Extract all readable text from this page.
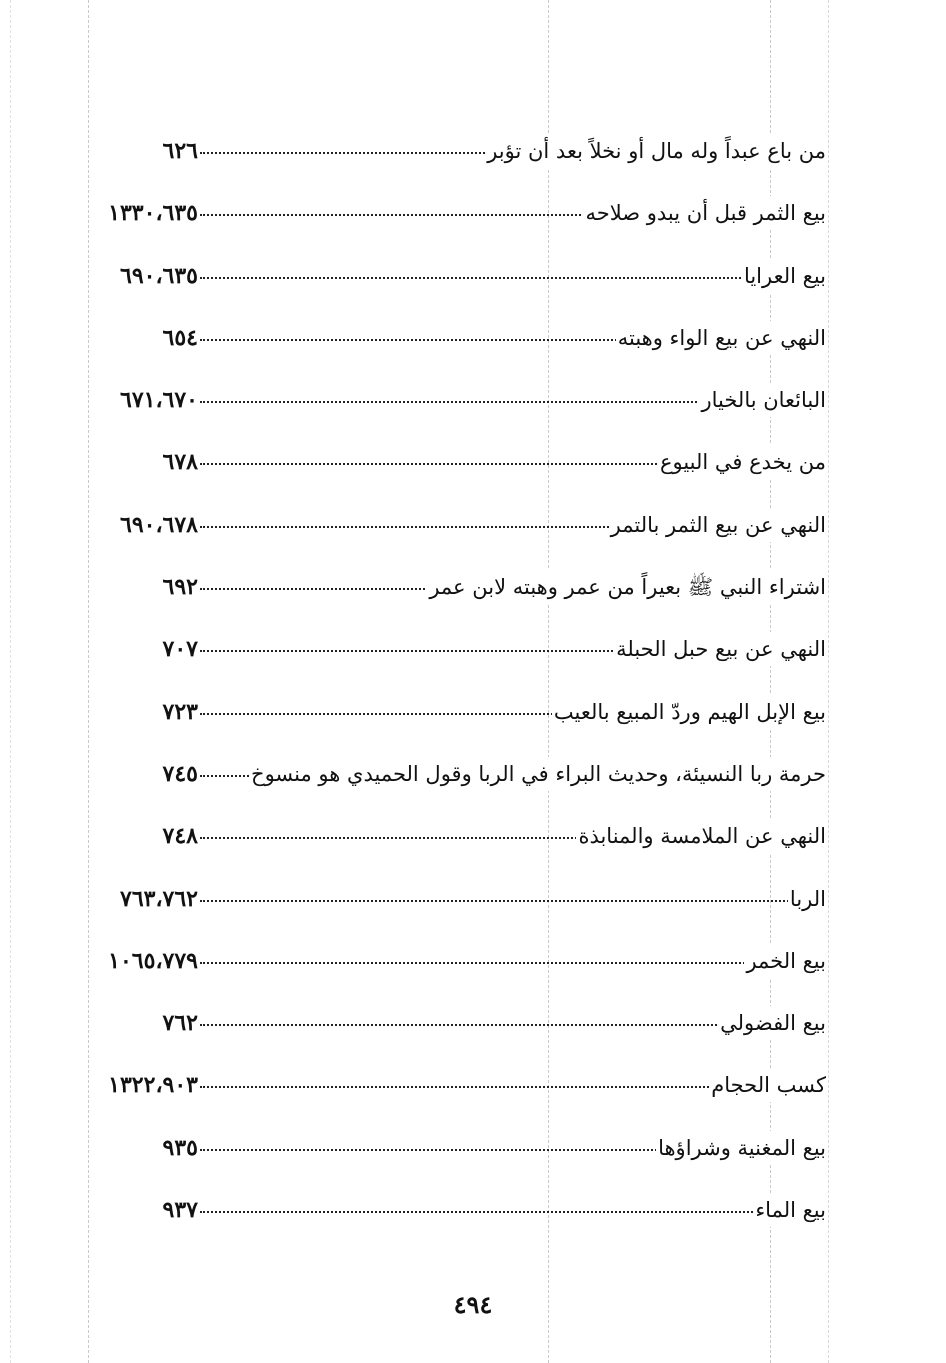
من باع عبداً وله مال أو نخلاً بعد أن تؤبر
٦٢٦
بيع الثمر قبل أن يبدو صلاحه
١٣٣٠،٦٣٥
بيع العرايا
٦٩٠،٦٣٥
النهي عن بيع الواء وهبته
٦٥٤
البائعان بالخيار
٦٧١،٦٧٠
من يخدع في البيوع
٦٧٨
النهي عن بيع الثمر بالتمر
٦٩٠،٦٧٨
اشتراء النبي ﷺ بعيراً من عمر وهبته لابن عمر
٦٩٢
النهي عن بيع حبل الحبلة
٧٠٧
بيع الإبل الهيم وردّ المبيع بالعيب
٧٢٣
حرمة ربا النسيئة، وحديث البراء في الربا وقول الحميدي هو منسوخ
٧٤٥
النهي عن الملامسة والمنابذة
٧٤٨
الربا
٧٦٣،٧٦٢
بيع الخمر
١٠٦٥،٧٧٩
بيع الفضولي
٧٦٢
كسب الحجام
١٣٢٢،٩٠٣
بيع المغنية وشراؤها
٩٣٥
بيع الماء
٩٣٧
٤٩٤
